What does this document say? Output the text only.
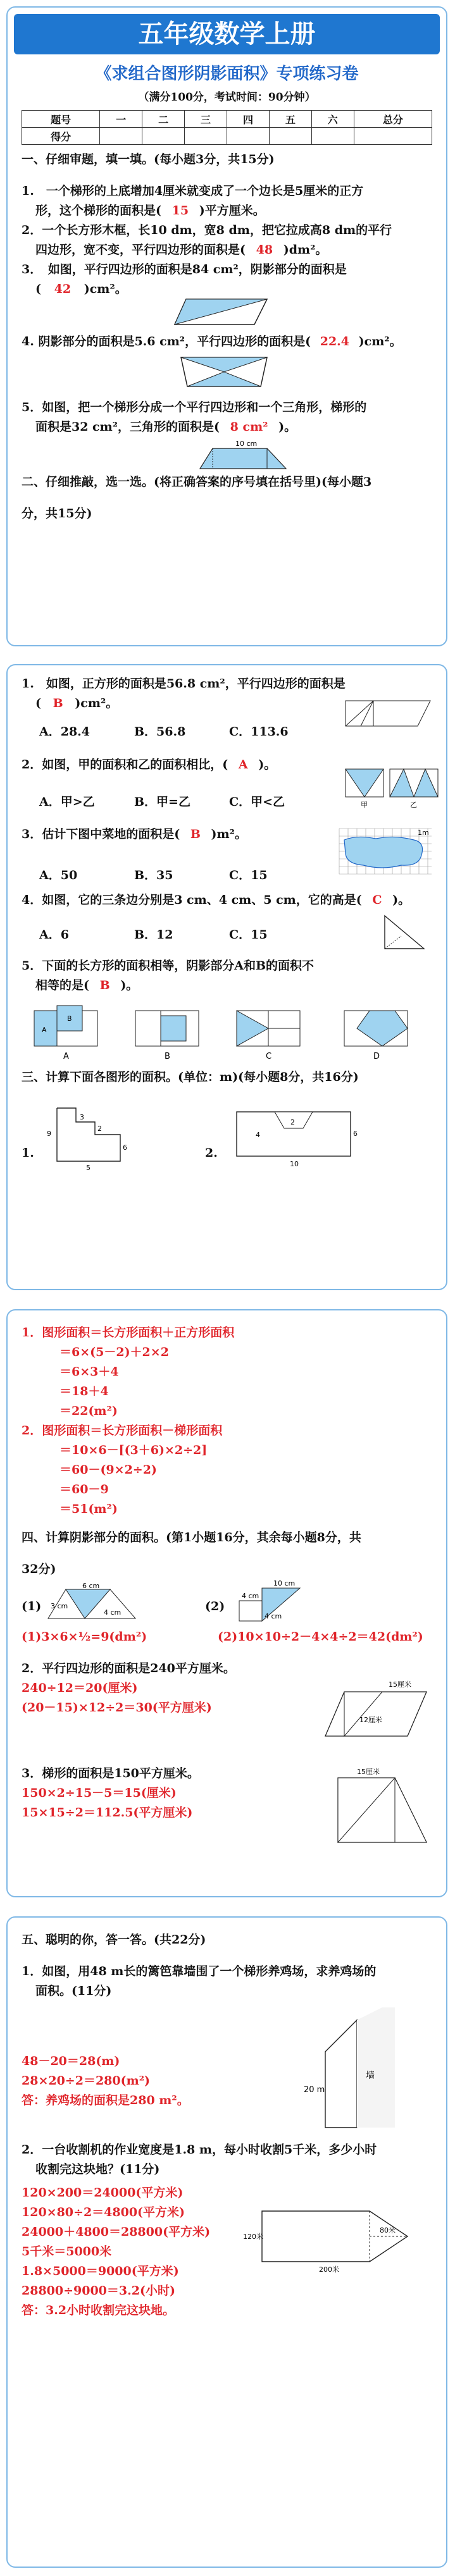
五年级数学上册
《求组合图形阴影面积》专项练习卷
（满分100分，考试时间：90分钟）
题号	一	二	三	四	五	六	总分
得分							

一、仔细审题，填一填。(每小题3分，共15分)

1.　一个梯形的上底增加4厘米就变成了一个边长是5厘米的正方

形，这个梯形的面积是( 15 )平方厘米。

2．一个长方形木框，长10 dm，宽8 dm，把它拉成高8 dm的平行

四边形，宽不变，平行四边形的面积是( 48 )dm²。

3．　如图，平行四边形的面积是84 cm²，阴影部分的面积是

( 42 )cm²。

4. 阴影部分的面积是5.6 cm²，平行四边形的面积是( 22.4 )cm²。

5．如图，把一个梯形分成一个平行四边形和一个三角形，梯形的

面积是32 cm²，三角形的面积是( 8 cm² )。

10 cm

二、仔细推敲，选一选。(将正确答案的序号填在括号里)(每小题3

分，共15分)

1.　如图，正方形的面积是56.8 cm²，平行四边形的面积是

( B )cm²。

A．28.4	B．56.8	C．113.6

2．如图，甲的面积和乙的面积相比，( A )。

A．甲>乙	B．甲=乙	C．甲<乙	甲	乙

3．估计下图中菜地的面积是( B )m²。

A．50	B．35	C．15
1m

4．如图，它的三条边分别是3 cm、4 cm、5 cm，它的高是( C )。

A．6	B．12	C．15

5．下面的长方形的面积相等，阴影部分A和B的面积不

相等的是( B )。

A
B
A	B	C	D

三、计算下面各图形的面积。(单位：m)(每小题8分，共16分)

1.
9
3
6
2
5
2.
2
10
6
4

1．图形面积＝长方形面积＋正方形面积

＝6×(5－2)＋2×2

＝6×3＋4

＝18＋4

＝22(m²)

2．图形面积＝长方形面积－梯形面积

＝10×6－[(3＋6)×2÷2]

＝60－(9×2÷2)

＝60－9

＝51(m²)

四、计算阴影部分的面积。(第1小题16分，其余每小题8分，共

32分)

(1)
6 cm
3 cm
4 cm	(2)
10 cm
4 cm
4 cm
(1)3×6×½=9(dm²)	(2)10×10÷2－4×4÷2＝42(dm²)

2．平行四边形的面积是240平方厘米。

240÷12＝20(厘米)

(20－15)×12÷2＝30(平方厘米)

15厘米
12厘米

3．梯形的面积是150平方厘米。

150×2÷15－5＝15(厘米)

15×15÷2＝112.5(平方厘米)

15厘米

五、聪明的你，答一答。(共22分)

1．如图，用48 m长的篱笆靠墙围了一个梯形养鸡场，求养鸡场的

面积。(11分)

48－20＝28(m)

28×20÷2＝280(m²)

答：养鸡场的面积是280 m²。

20 m
墙

2．一台收割机的作业宽度是1.8 m，每小时收割5千米，多少小时

收割完这块地？(11分)

120×200＝24000(平方米)

120×80÷2＝4800(平方米)

24000＋4800＝28800(平方米)

5千米＝5000米

1.8×5000＝9000(平方米)

28800÷9000＝3.2(小时)

答：3.2小时收割完这块地。

80米
120米
200米
